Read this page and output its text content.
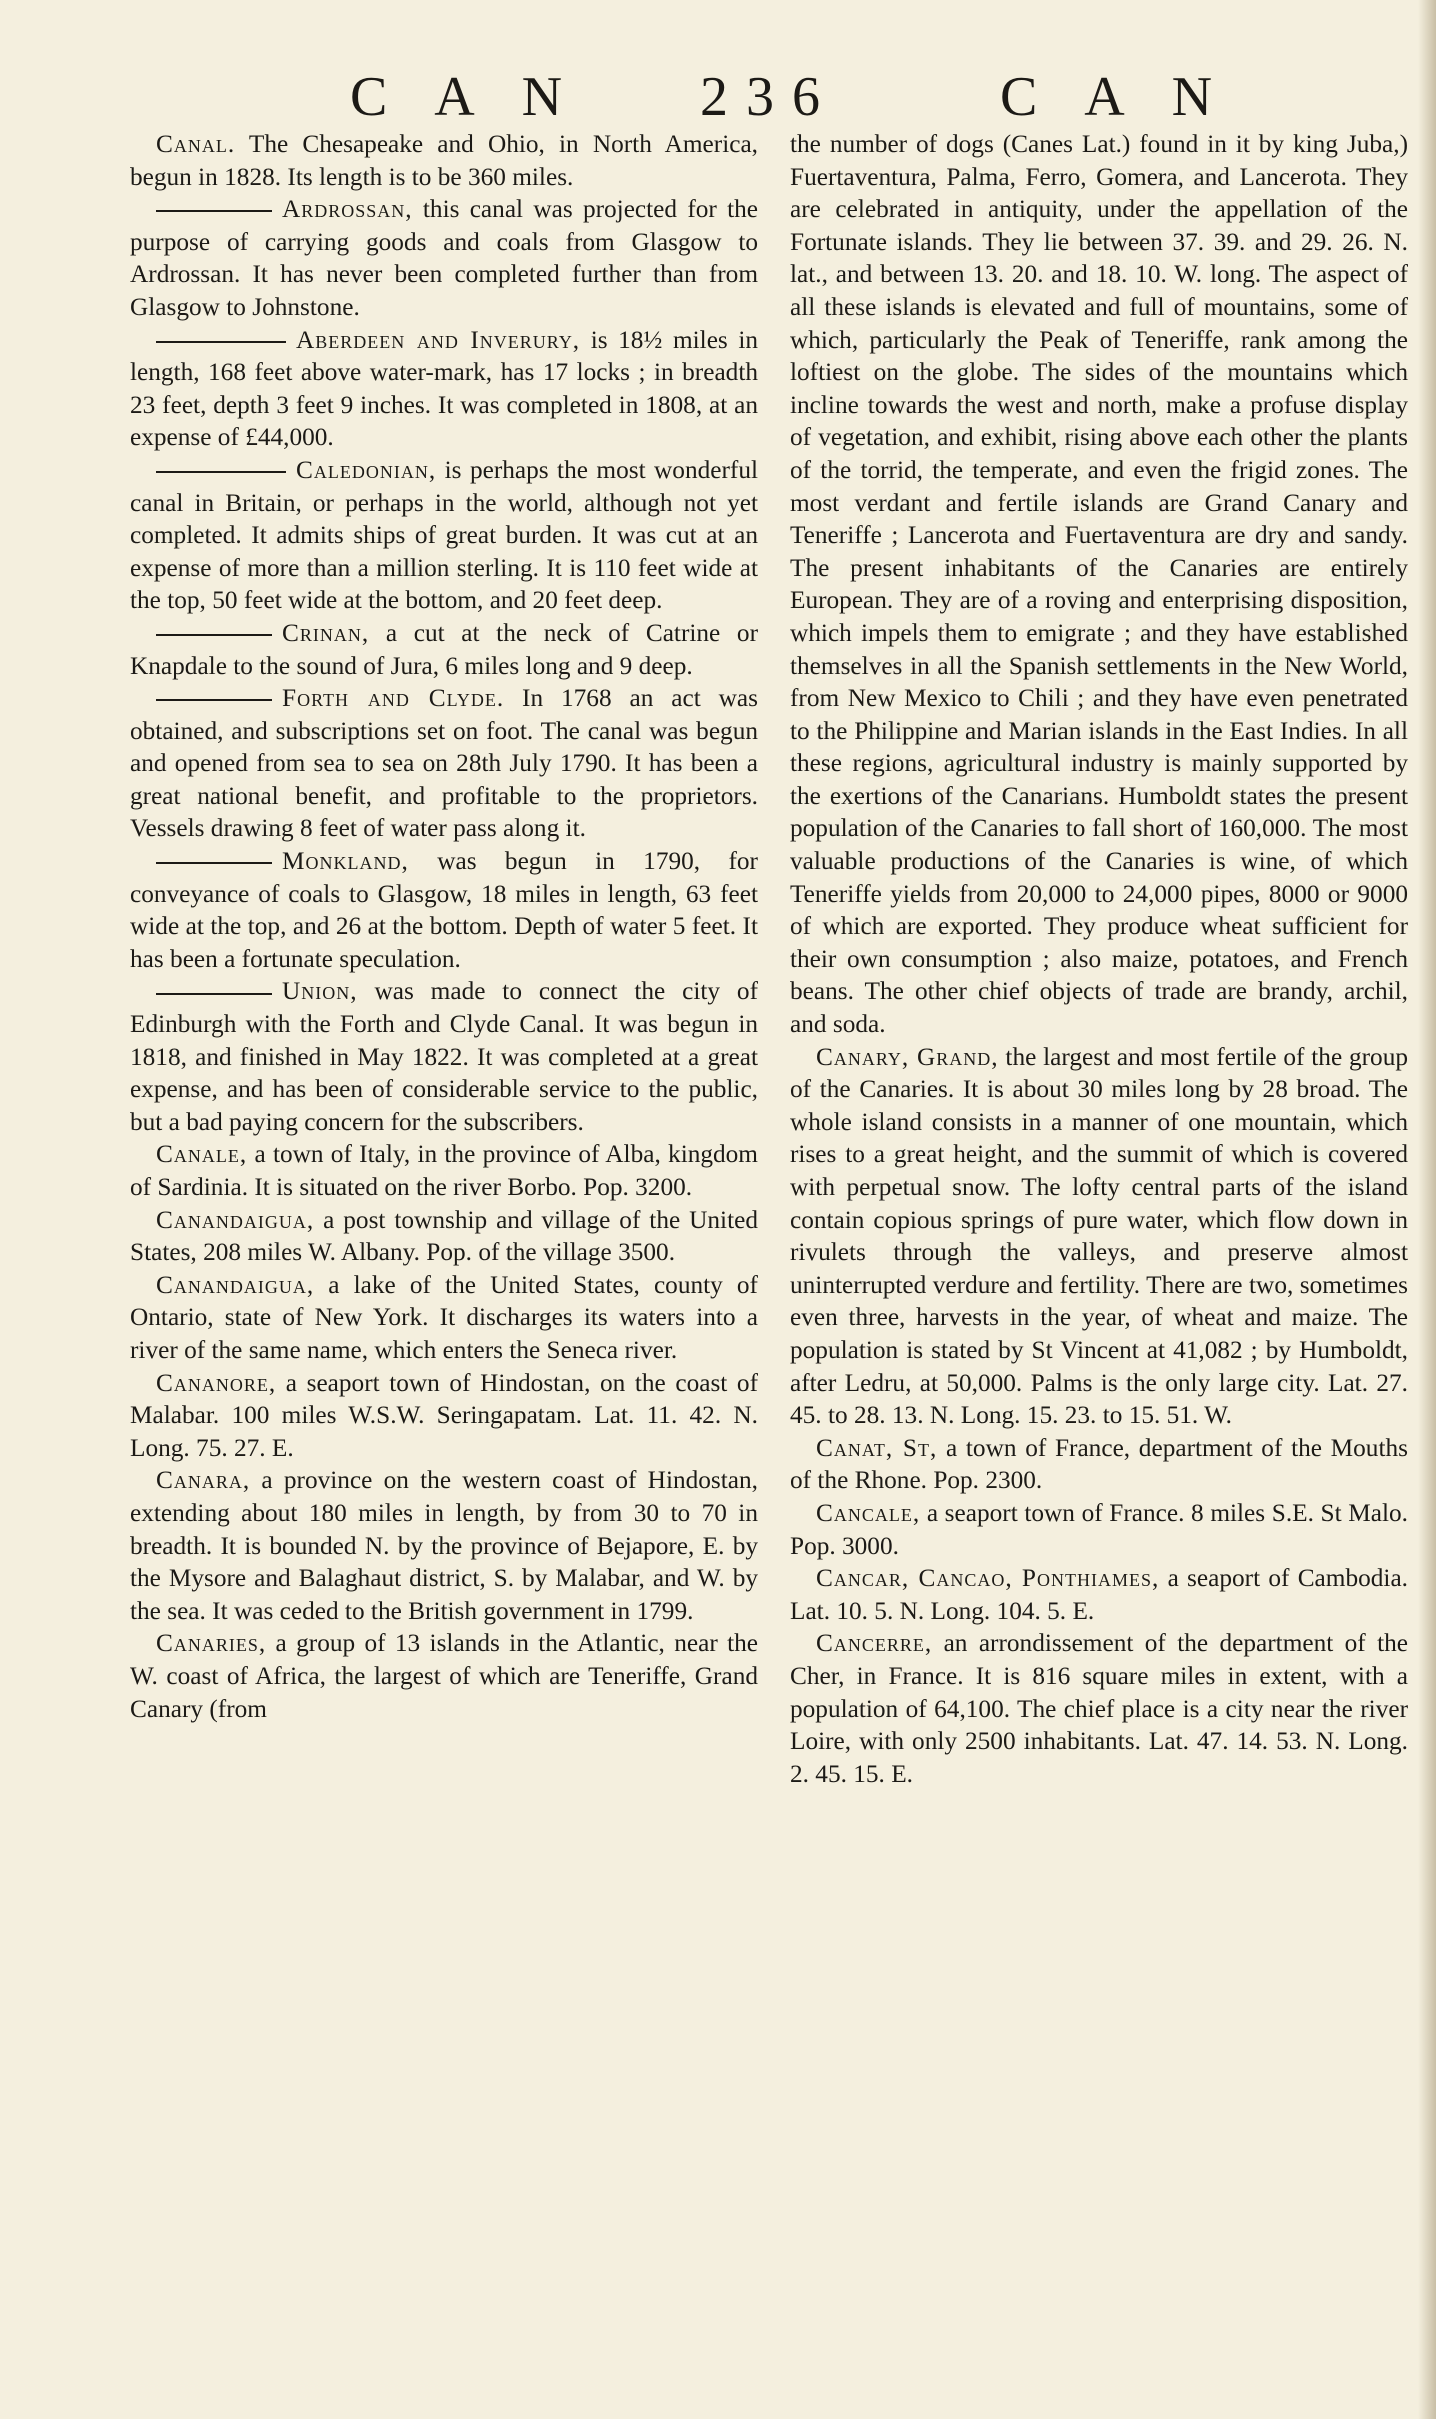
C A N 236	C A N

Canal. The Chesapeake and Ohio, in North America, begun in 1828. Its length is to be 360 miles.

Ardrossan, this canal was projected for the purpose of carrying goods and coals from Glasgow to Ardrossan. It has never been completed further than from Glasgow to Johnstone.

Aberdeen and Inverury, is 18½ miles in length, 168 feet above water-mark, has 17 locks ; in breadth 23 feet, depth 3 feet 9 inches. It was completed in 1808, at an expense of £44,000.

Caledonian, is perhaps the most wonderful canal in Britain, or perhaps in the world, although not yet completed. It admits ships of great burden. It was cut at an expense of more than a million sterling. It is 110 feet wide at the top, 50 feet wide at the bottom, and 20 feet deep.

Crinan, a cut at the neck of Catrine or Knapdale to the sound of Jura, 6 miles long and 9 deep.

Forth and Clyde. In 1768 an act was obtained, and subscriptions set on foot. The canal was begun and opened from sea to sea on 28th July 1790. It has been a great national benefit, and profitable to the proprietors. Vessels drawing 8 feet of water pass along it.

Monkland, was begun in 1790, for conveyance of coals to Glasgow, 18 miles in length, 63 feet wide at the top, and 26 at the bottom. Depth of water 5 feet. It has been a fortunate speculation.

Union, was made to connect the city of Edinburgh with the Forth and Clyde Canal. It was begun in 1818, and finished in May 1822. It was completed at a great expense, and has been of considerable service to the public, but a bad paying concern for the subscribers.

Canale, a town of Italy, in the province of Alba, kingdom of Sardinia. It is situated on the river Borbo. Pop. 3200.

Canandaigua, a post township and village of the United States, 208 miles W. Albany. Pop. of the village 3500.

Canandaigua, a lake of the United States, county of Ontario, state of New York. It discharges its waters into a river of the same name, which enters the Seneca river.

Cananore, a seaport town of Hindostan, on the coast of Malabar. 100 miles W.S.W. Seringapatam. Lat. 11. 42. N. Long. 75. 27. E.

Canara, a province on the western coast of Hindostan, extending about 180 miles in length, by from 30 to 70 in breadth. It is bounded N. by the province of Bejapore, E. by the Mysore and Balaghaut district, S. by Malabar, and W. by the sea. It was ceded to the British government in 1799.

Canaries, a group of 13 islands in the Atlantic, near the W. coast of Africa, the largest of which are Teneriffe, Grand Canary (from

the number of dogs (Canes Lat.) found in it by king Juba,) Fuertaventura, Palma, Ferro, Gomera, and Lancerota. They are celebrated in antiquity, under the appellation of the Fortunate islands. They lie between 37. 39. and 29. 26. N. lat., and between 13. 20. and 18. 10. W. long. The aspect of all these islands is elevated and full of mountains, some of which, particularly the Peak of Teneriffe, rank among the loftiest on the globe. The sides of the mountains which incline towards the west and north, make a profuse display of vegetation, and exhibit, rising above each other the plants of the torrid, the temperate, and even the frigid zones. The most verdant and fertile islands are Grand Canary and Teneriffe ; Lancerota and Fuertaventura are dry and sandy. The present inhabitants of the Canaries are entirely European. They are of a roving and enterprising disposition, which impels them to emigrate ; and they have established themselves in all the Spanish settlements in the New World, from New Mexico to Chili ; and they have even penetrated to the Philippine and Marian islands in the East Indies. In all these regions, agricultural industry is mainly supported by the exertions of the Canarians. Humboldt states the present population of the Canaries to fall short of 160,000. The most valuable productions of the Canaries is wine, of which Teneriffe yields from 20,000 to 24,000 pipes, 8000 or 9000 of which are exported. They produce wheat sufficient for their own consumption ; also maize, potatoes, and French beans. The other chief objects of trade are brandy, archil, and soda.

Canary, Grand, the largest and most fertile of the group of the Canaries. It is about 30 miles long by 28 broad. The whole island consists in a manner of one mountain, which rises to a great height, and the summit of which is covered with perpetual snow. The lofty central parts of the island contain copious springs of pure water, which flow down in rivulets through the valleys, and preserve almost uninterrupted verdure and fertility. There are two, sometimes even three, harvests in the year, of wheat and maize. The population is stated by St Vincent at 41,082 ; by Humboldt, after Ledru, at 50,000. Palms is the only large city. Lat. 27. 45. to 28. 13. N. Long. 15. 23. to 15. 51. W.

Canat, St, a town of France, department of the Mouths of the Rhone. Pop. 2300.

Cancale, a seaport town of France. 8 miles S.E. St Malo. Pop. 3000.

Cancar, Cancao, Ponthiames, a seaport of Cambodia. Lat. 10. 5. N. Long. 104. 5. E.

Cancerre, an arrondissement of the department of the Cher, in France. It is 816 square miles in extent, with a population of 64,100. The chief place is a city near the river Loire, with only 2500 inhabitants. Lat. 47. 14. 53. N. Long. 2. 45. 15. E.
